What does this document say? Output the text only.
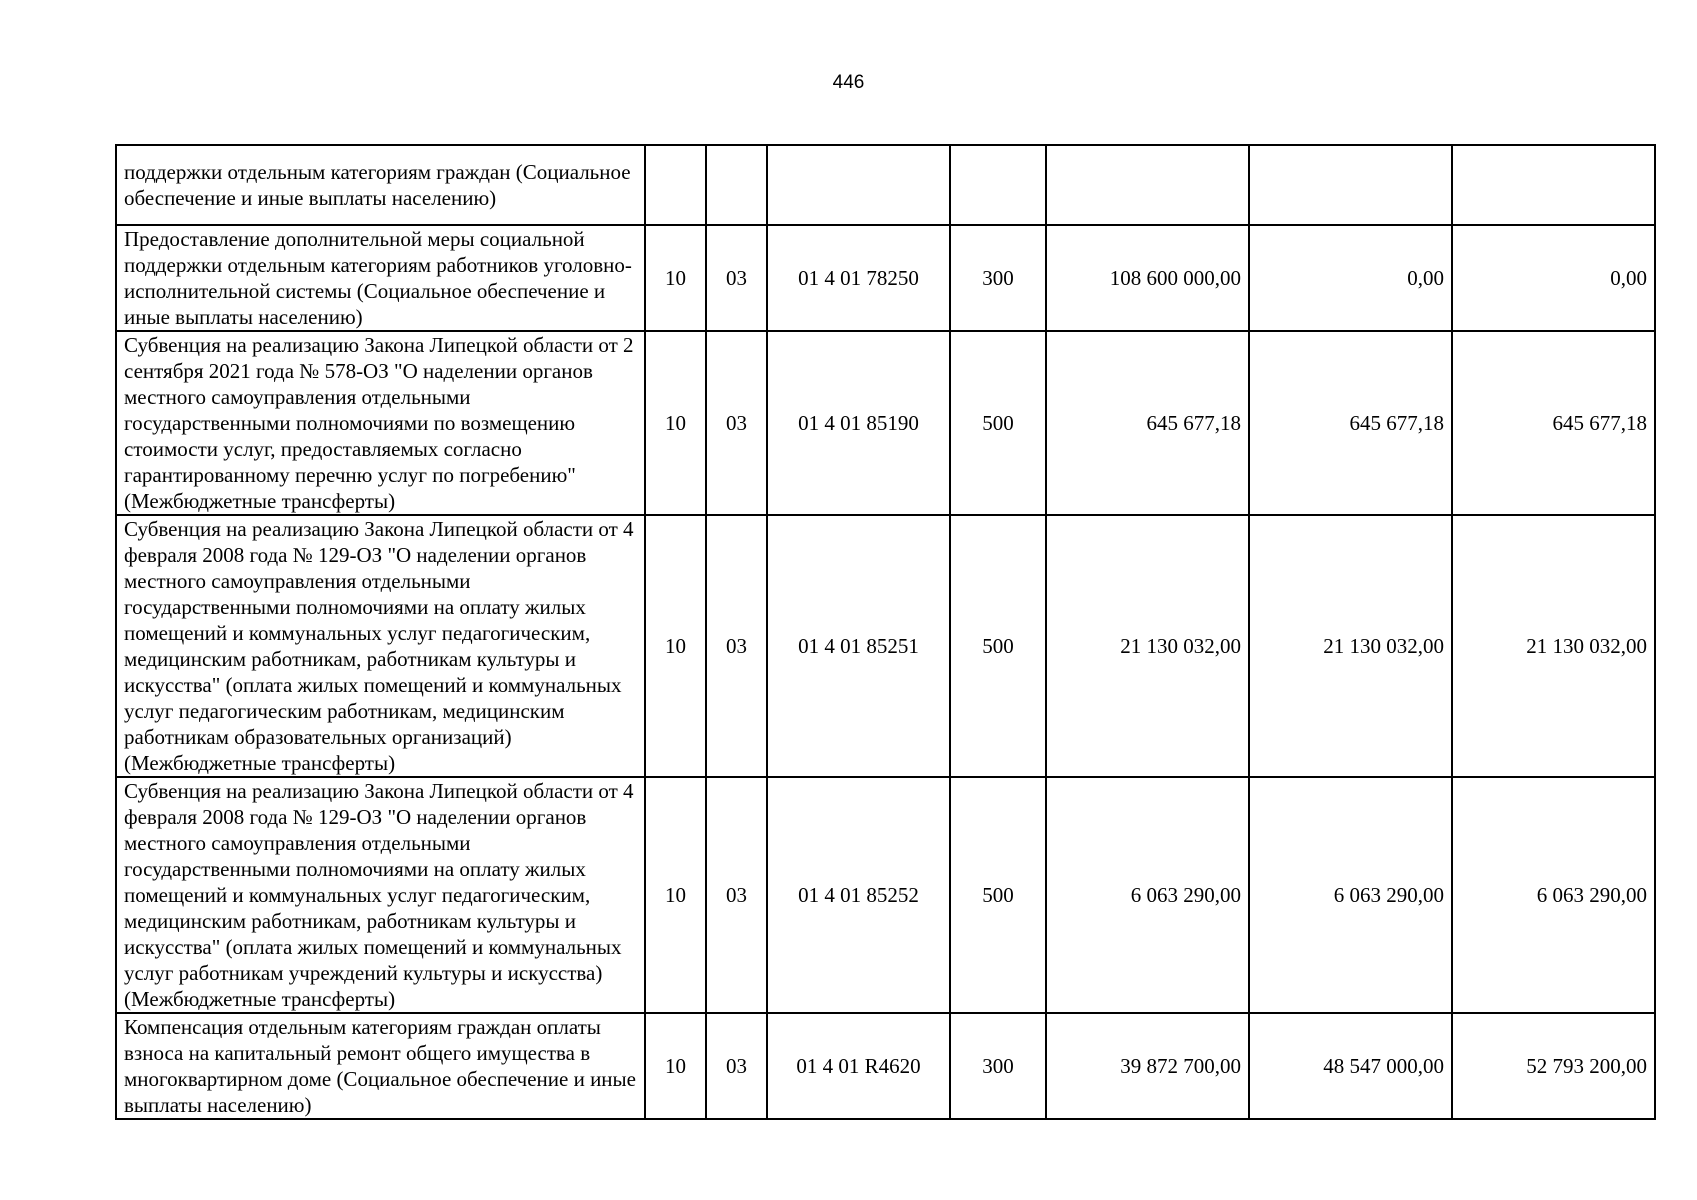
446
поддержки отдельным категориям граждан (Социальное обеспечение и иные выплаты населению)							
Предоставление дополнительной меры социальной поддержки отдельным категориям работников уголовно-исполнительной системы (Социальное обеспечение и иные выплаты населению)	10	03	01 4 01 78250	300	108 600 000,00	0,00	0,00
Субвенция на реализацию Закона Липецкой области от 2 сентября 2021 года № 578-ОЗ "О наделении органов местного самоуправления отдельными государственными полномочиями по возмещению стоимости услуг, предоставляемых согласно гарантированному перечню услуг по погребению" (Межбюджетные трансферты)	10	03	01 4 01 85190	500	645 677,18	645 677,18	645 677,18
Субвенция на реализацию Закона Липецкой области от 4 февраля 2008 года № 129-ОЗ "О наделении органов местного самоуправления отдельными государственными полномочиями на оплату жилых помещений и коммунальных услуг педагогическим, медицинским работникам, работникам культуры и искусства" (оплата жилых помещений и коммунальных услуг педагогическим работникам, медицинским работникам образовательных организаций) (Межбюджетные трансферты)	10	03	01 4 01 85251	500	21 130 032,00	21 130 032,00	21 130 032,00
Субвенция на реализацию Закона Липецкой области от 4 февраля 2008 года № 129-ОЗ "О наделении органов местного самоуправления отдельными государственными полномочиями на оплату жилых помещений и коммунальных услуг педагогическим, медицинским работникам, работникам культуры и искусства" (оплата жилых помещений и коммунальных услуг работникам учреждений культуры и искусства) (Межбюджетные трансферты)	10	03	01 4 01 85252	500	6 063 290,00	6 063 290,00	6 063 290,00
Компенсация отдельным категориям граждан оплаты взноса на капитальный ремонт общего имущества в многоквартирном доме (Социальное обеспечение и иные выплаты населению)	10	03	01 4 01 R4620	300	39 872 700,00	48 547 000,00	52 793 200,00
